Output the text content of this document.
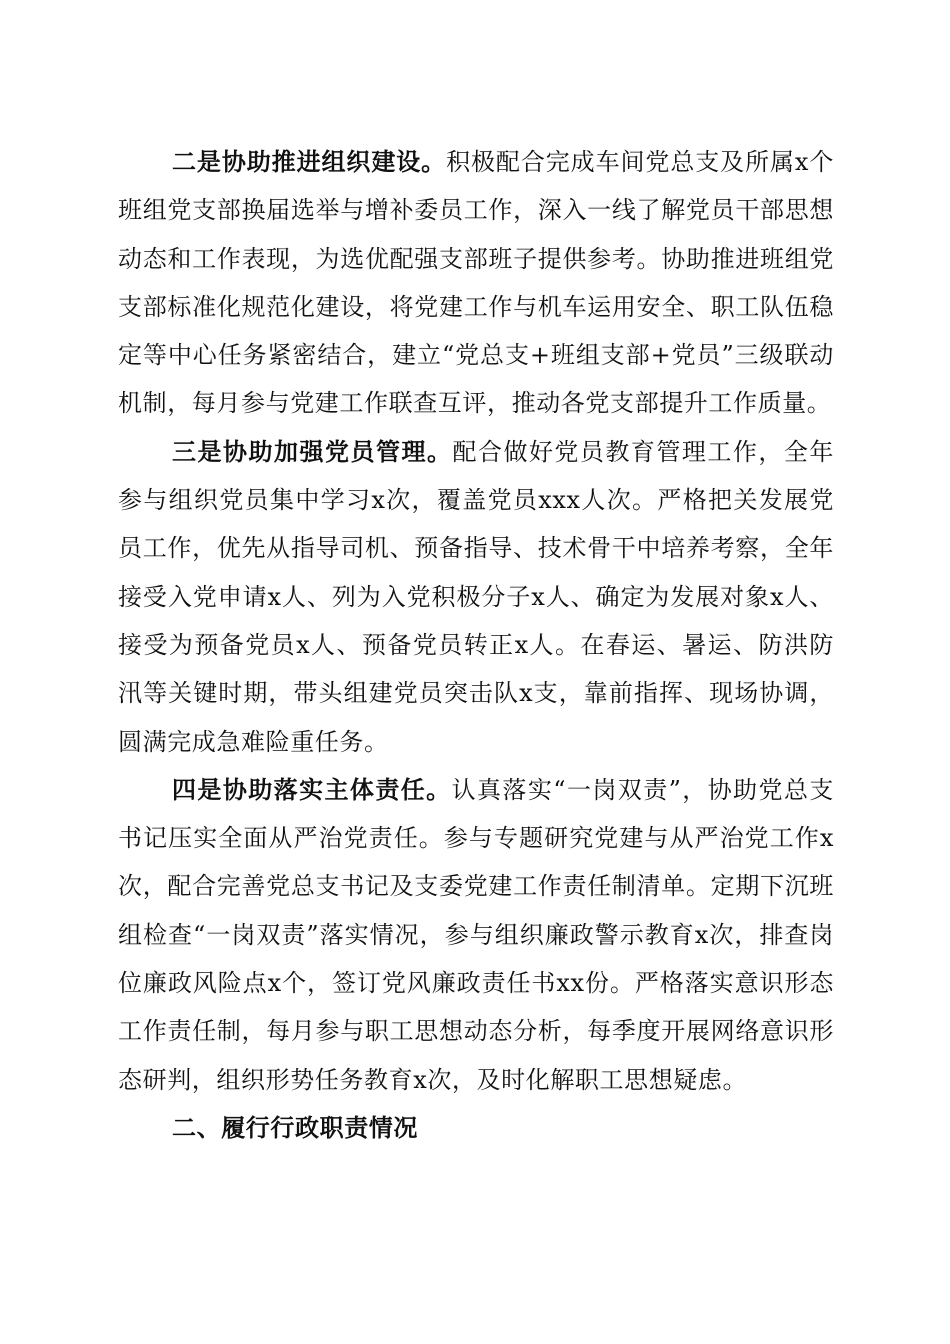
二是协助推进组织建设。积极配合完成车间党总支及所属x个班组党支部换届选举与增补委员工作，深入一线了解党员干部思想动态和工作表现，为选优配强支部班子提供参考。协助推进班组党支部标准化规范化建设，将党建工作与机车运用安全、职工队伍稳定等中心任务紧密结合，建立“党总支+班组支部+党员”三级联动机制，每月参与党建工作联查互评，推动各党支部提升工作质量。

三是协助加强党员管理。配合做好党员教育管理工作，全年参与组织党员集中学习x次，覆盖党员xxx人次。严格把关发展党员工作，优先从指导司机、预备指导、技术骨干中培养考察，全年接受入党申请x人、列为入党积极分子x人、确定为发展对象x人、接受为预备党员x人、预备党员转正x人。在春运、暑运、防洪防汛等关键时期，带头组建党员突击队x支，靠前指挥、现场协调，圆满完成急难险重任务。

四是协助落实主体责任。认真落实“一岗双责”，协助党总支书记压实全面从严治党责任。参与专题研究党建与从严治党工作x次，配合完善党总支书记及支委党建工作责任制清单。定期下沉班组检查“一岗双责”落实情况，参与组织廉政警示教育x次，排查岗位廉政风险点x个，签订党风廉政责任书xx份。严格落实意识形态工作责任制，每月参与职工思想动态分析，每季度开展网络意识形态研判，组织形势任务教育x次，及时化解职工思想疑虑。

二、履行行政职责情况
